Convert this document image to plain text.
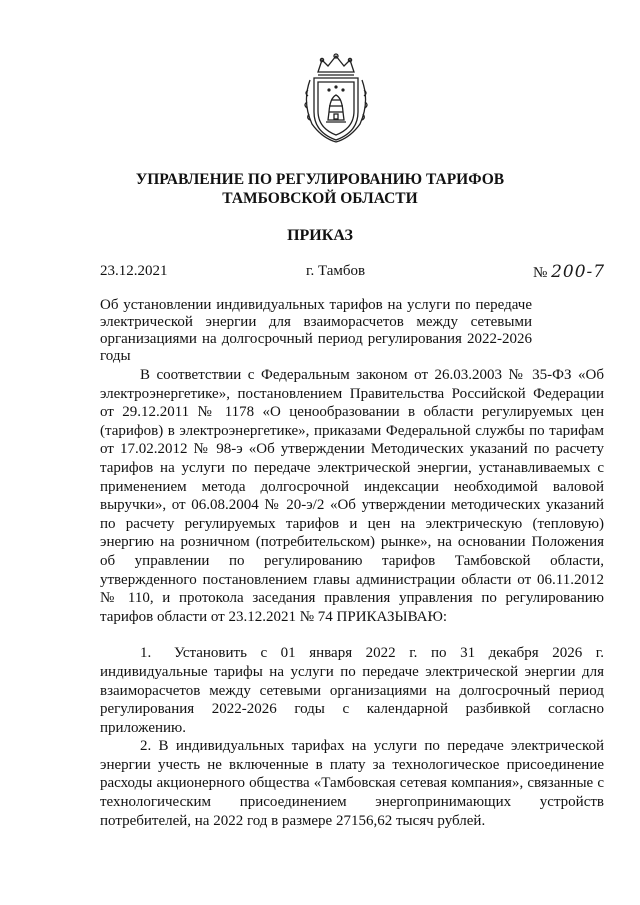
УПРАВЛЕНИЕ ПО РЕГУЛИРОВАНИЮ ТАРИФОВ
ТАМБОВСКОЙ ОБЛАСТИ
ПРИКАЗ
23.12.2021	г. Тамбов	№ 200-7
Об установлении индивидуальных тарифов на услуги по передаче электрической энергии для взаиморасчетов между сетевыми организациями на долгосрочный период регулирования 2022-2026 годы

В соответствии с Федеральным законом от 26.03.2003 № 35-ФЗ «Об электроэнергетике», постановлением Правительства Российской Федерации от 29.12.2011 № 1178 «О ценообразовании в области регулируемых цен (тарифов) в электроэнергетике», приказами Федеральной службы по тарифам от 17.02.2012 № 98-э «Об утверждении Методических указаний по расчету тарифов на услуги по передаче электрической энергии, устанавливаемых с применением метода долгосрочной индексации необходимой валовой выручки», от 06.08.2004 № 20-э/2 «Об утверждении методических указаний по расчету регулируемых тарифов и цен на электрическую (тепловую) энергию на розничном (потребительском) рынке», на основании Положения об управлении по регулированию тарифов Тамбовской области, утвержденного постановлением главы администрации области от 06.11.2012 № 110, и протокола заседания правления управления по регулированию тарифов области от 23.12.2021 № 74 ПРИКАЗЫВАЮ:

1. Установить с 01 января 2022 г. по 31 декабря 2026 г. индивидуальные тарифы на услуги по передаче электрической энергии для взаиморасчетов между сетевыми организациями на долгосрочный период регулирования 2022-2026 годы с календарной разбивкой согласно приложению.

2. В индивидуальных тарифах на услуги по передаче электрической энергии учесть не включенные в плату за технологическое присоединение расходы акционерного общества «Тамбовская сетевая компания», связанные с технологическим присоединением энергопринимающих устройств потребителей, на 2022 год в размере 27156,62 тысяч рублей.
